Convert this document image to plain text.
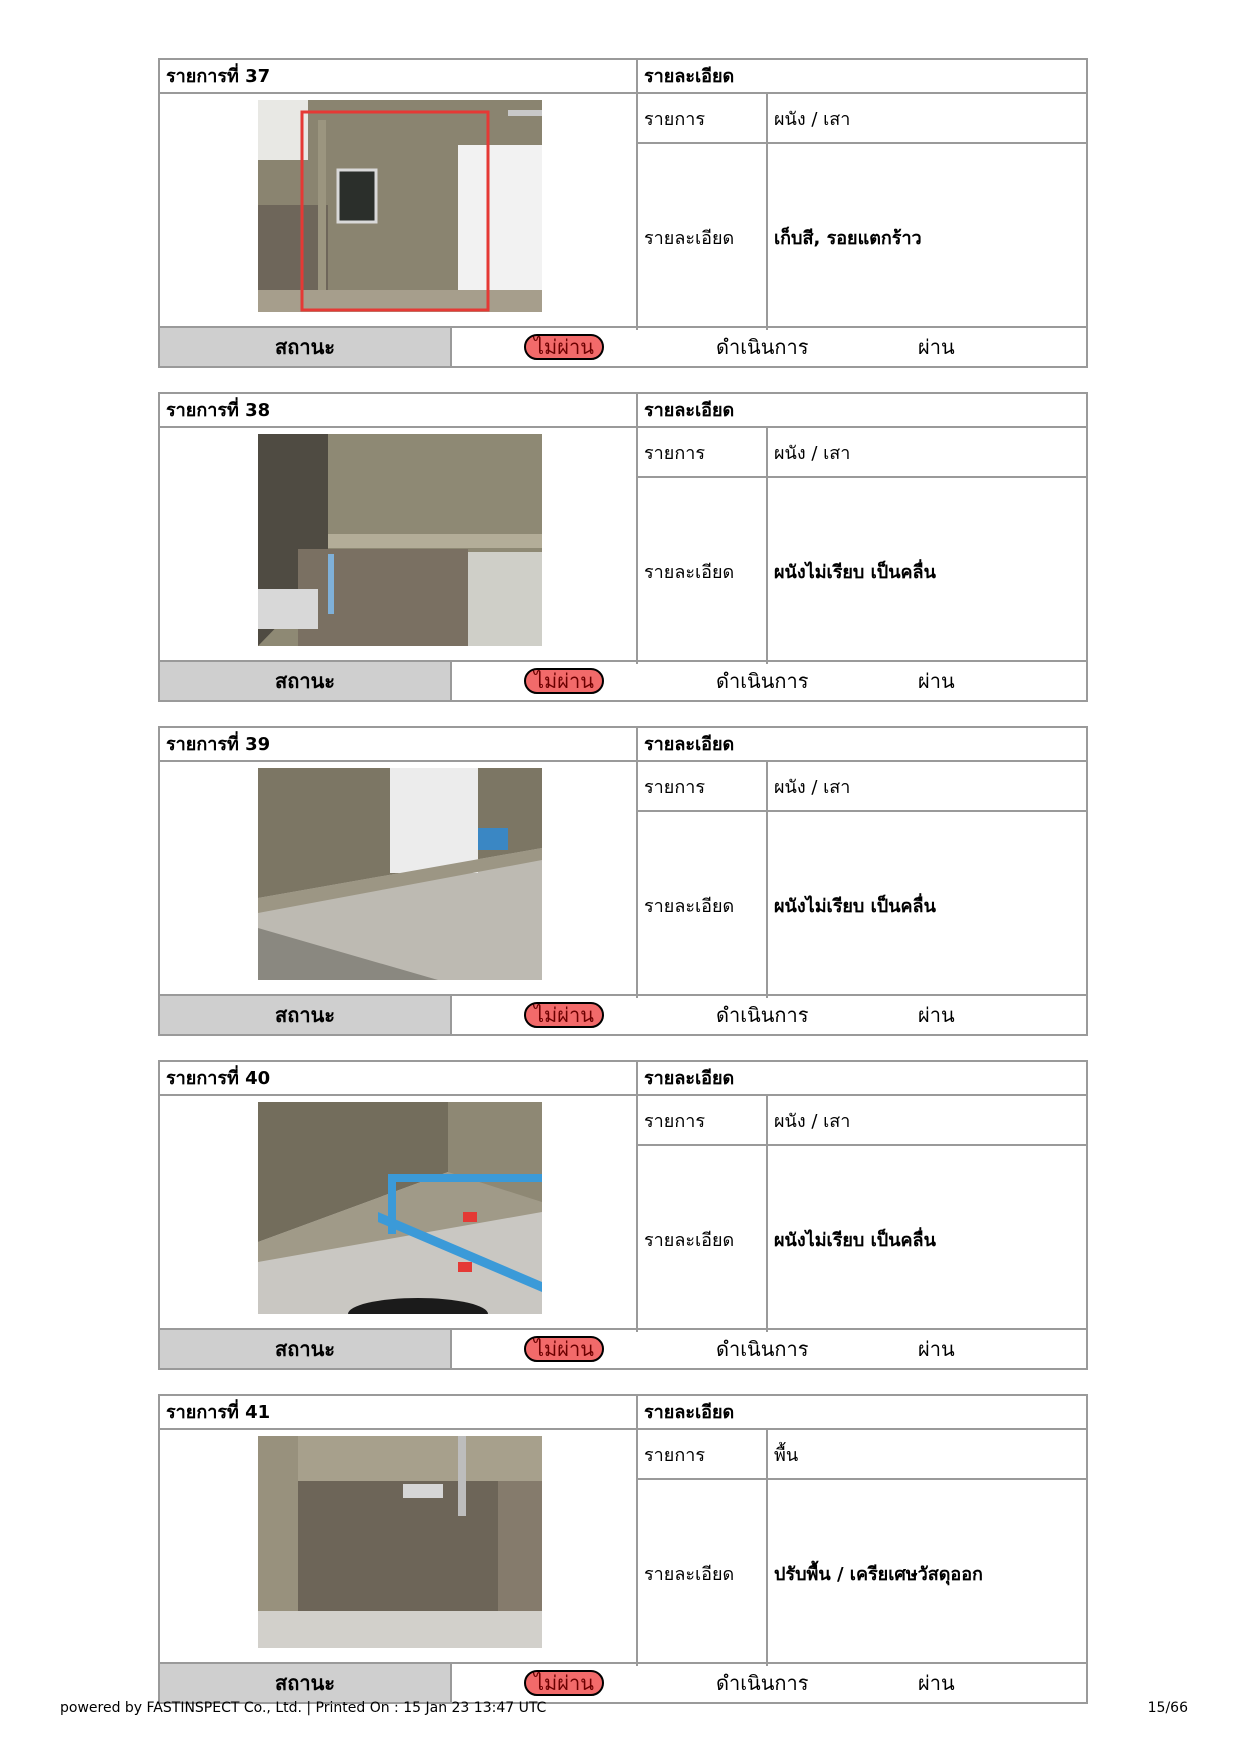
รายการที่ 37	รายละเอียด
รายการ	ผนัง / เสา
รายละเอียด	เก็บสี, รอยแตกร้าว
สถานะ	ไม่ผ่าน	ดำเนินการ	ผ่าน
รายการที่ 38	รายละเอียด
รายการ	ผนัง / เสา
รายละเอียด	ผนังไม่เรียบ เป็นคลื่น
สถานะ	ไม่ผ่าน	ดำเนินการ	ผ่าน
รายการที่ 39	รายละเอียด
รายการ	ผนัง / เสา
รายละเอียด	ผนังไม่เรียบ เป็นคลื่น
สถานะ	ไม่ผ่าน	ดำเนินการ	ผ่าน
รายการที่ 40	รายละเอียด
รายการ	ผนัง / เสา
รายละเอียด	ผนังไม่เรียบ เป็นคลื่น
สถานะ	ไม่ผ่าน	ดำเนินการ	ผ่าน
รายการที่ 41	รายละเอียด
รายการ	พื้น
รายละเอียด	ปรับพื้น / เครียเศษวัสดุออก
สถานะ	ไม่ผ่าน	ดำเนินการ	ผ่าน
powered by FASTINSPECT Co., Ltd. | Printed On : 15 Jan 23 13:47 UTC	15/66
